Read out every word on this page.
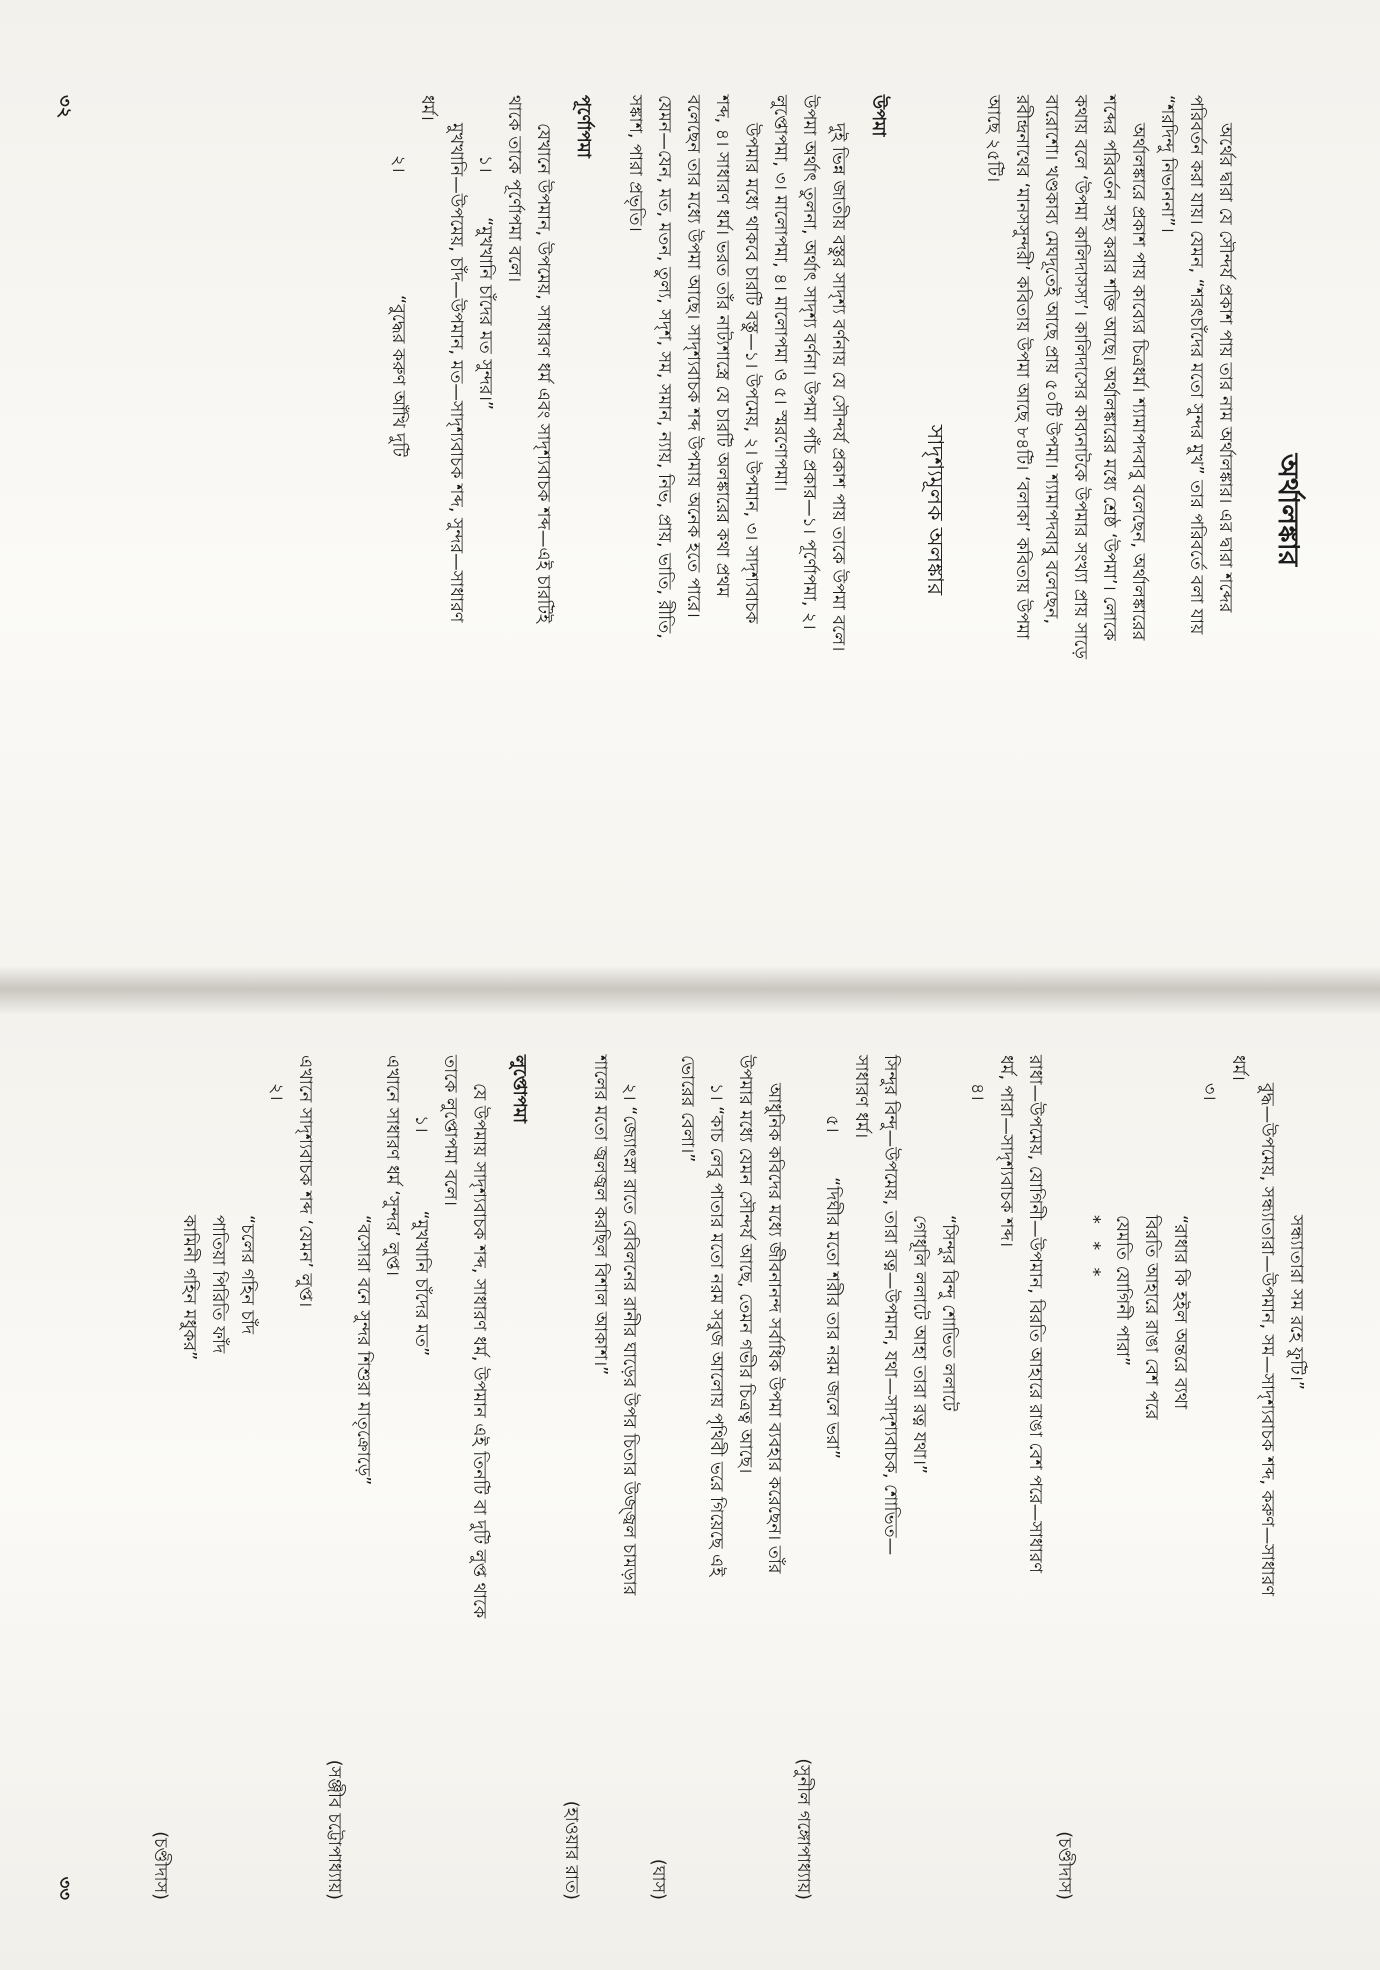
অর্থালঙ্কার
অর্থের দ্বারা যে সৌন্দর্য প্রকাশ পায় তার নাম অর্থালঙ্কার। এর দ্বারা শব্দের
পরিবর্তন করা যায়। যেমন, “শরৎচাঁদের মতো সুন্দর মুখ” তার পরিবর্তে বলা যায়
“শরদিন্দু নিভাননা”।
অর্থালঙ্কারে প্রকাশ পায় কাব্যের চিত্রধর্ম। শ্যামাপদবাবু বলেছেন, অর্থালঙ্কারের
শব্দের পরিবর্তন সহ্য করার শক্তি আছে। অর্থালঙ্কারের মধ্যে শ্রেষ্ঠ ‘উপমা’। লোকে
কথায় বলে ‘উপমা কালিদাসস্য’। কালিদাসের কাব্যনাটকে উপমার সংখ্যা প্রায় সাড়ে
বারোশো। খণ্ডকাব্য মেঘদূতেই আছে প্রায় ৫০টি উপমা। শ্যামাপদবাবু বলেছেন,
রবীন্দ্রনাথের ‘মানসসুন্দরী’ কবিতায় উপমা আছে ৮৪টি। ‘বলাকা’ কবিতায় উপমা
আছে ২৫টি।
সাদৃশ্যমূলক অলঙ্কার
উপমা
দুই ভিন্ন জাতীয় বস্তুর সাদৃশ্য বর্ণনায় যে সৌন্দর্য প্রকাশ পায় তাকে উপমা বলে।
উপমা অর্থাৎ তুলনা, অর্থাৎ সাদৃশ্য বর্ণনা। উপমা পাঁচ প্রকার—১। পূর্ণোপমা, ২।
লুপ্তোপমা, ৩। মালোপমা, ৪। মালোপমা ও ৫। স্মরণোপমা।
উপমার মধ্যে থাকবে চারটি বস্তু—১। উপমেয়, ২। উপমান, ৩। সাদৃশ্যবাচক
শব্দ, ৪। সাধারণ ধর্ম। ভরত তাঁর নাট্যশাস্ত্রে যে চারটি অলঙ্কারের কথা প্রথম
বলেছেন তার মধ্যে উপমা আছে। সাদৃশ্যবাচক শব্দ উপমায় অনেক হতে পারে।
যেমন—যেন, মত, মতন, তুল্য, সদৃশ, সম, সমান, ন্যায়, নিভ, প্রায়, ভাতি, রীতি,
সঙ্কাশ, পারা প্রভৃতি।
পূর্ণোপমা
যেখানে উপমান, উপমেয়, সাধারণ ধর্ম এবং সাদৃশ্যবাচক শব্দ—এই চারটিই
থাকে তাকে পূর্ণোপমা বলে।
১।        “মুখখানি চাঁদের মত সুন্দর।”
মুখখানি—উপমেয়, চাঁদ—উপমান, মত—সাদৃশ্যবাচক শব্দ, সুন্দর—সাধারণ
ধর্ম।
২।                      “বুদ্ধের করুণ আঁখি দুটি
৩২
সন্ধ্যাতারা সম রহে ফুটি।”
বুদ্ধ—উপমেয়, সন্ধ্যাতারা—উপমান, সম—সাদৃশ্যবাচক শব্দ, করুণ—সাধারণ
ধর্ম।
৩।
“রাধার কি হইল অন্তরে ব্যথা
বিরতি আহারে রাঙা বেশ পরে
যেমতি যোগিনী পারা”
* * *
(চণ্ডীদাস)
রাধা—উপমেয়, যোগিনী—উপমান, বিরতি আহারে রাঙা বেশ পরে—সাধারণ
ধর্ম, পারা—সাদৃশ্যবাচক শব্দ।
৪।
“সিন্দুর বিন্দু শোভিত ললাটে
গোধূলি ললাটে আহা তারা রত্ন যথা।”
সিন্দুর বিন্দু—উপমেয়, তারা রত্ন—উপমান, যথা—সাদৃশ্যবাচক, শোভিত—
সাধারণ ধর্ম।
৫।        “দিঘীর মতো শরীর তার নরম জলে ভরা”
(সুনীল গঙ্গোপাধ্যায়)
আধুনিক কবিদের মধ্যে জীবনানন্দ সর্বাধিক উপমা ব্যবহার করেছেন। তাঁর
উপমার মধ্যে যেমন সৌন্দর্য আছে, তেমন গভীর চিত্রত্ব আছে।
১। “কাচ লেবু পাতার মতো নরম সবুজ আলোয় পৃথিবী ভরে গিয়েছে এই
ভোরের বেলা।”
(ঘাস)
২। “জ্যোৎস্না রাতে বেবিলনের রানীর ঘাড়ের উপর চিতার উজ্জ্বল চামড়ার
শালের মতো জ্বলজ্বল করছিল বিশাল আকাশ।”
(হাওয়ার রাত)
লুপ্তোপমা
যে উপমায় সাদৃশ্যবাচক শব্দ, সাধারণ ধর্ম, উপমান এই তিনটি বা দুটি লুপ্ত থাকে
তাকে লুপ্তোপমা বলে।
১।              “মুখখানি চাঁদের মত”
এখানে সাধারণ ধর্ম ‘সুন্দর’ লুপ্ত।
“বসোরা বনে সুন্দর শিশুরা মাতৃক্রোড়ে”
(সঞ্জীব চট্টোপাধ্যায়)
এখানে সাদৃশ্যবাচক শব্দ ‘যেমন’ লুপ্ত।
২।
“চলের গহিন চাঁদ
পাতিয়া পিরিতি ফাঁদ
কামিনী গহিন মধুকর”
(চণ্ডীদাস)
৩৩
